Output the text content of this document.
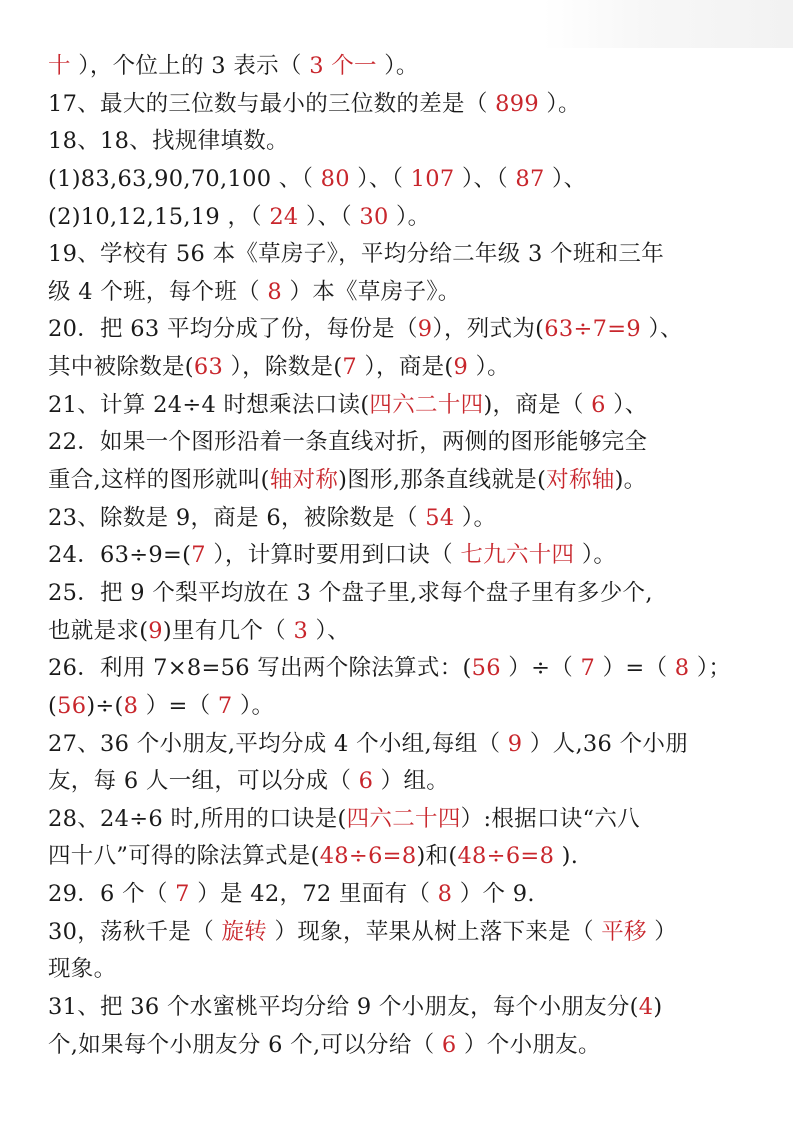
十 ），个位上的 3 表示（ 3 个一 ）。
17、最大的三位数与最小的三位数的差是（ 899 ）。
18、18、找规律填数。
(1)83,63,90,70,100 、（ 80 ）、（ 107 ）、（ 87 ）、
(2)10,12,15,19 ，（ 24 ）、（ 30 ）。
19、学校有 56 本《草房子》，平均分给二年级 3 个班和三年
级 4 个班，每个班（ 8 ）本《草房子》。
20．把 63 平均分成了份，每份是（9），列式为(63÷7=9 ）、
其中被除数是(63 ），除数是(7 ），商是(9 ）。
21、计算 24÷4 时想乘法口读(四六二十四)，商是（ 6 ）、
22．如果一个图形沿着一条直线对折，两侧的图形能够完全
重合,这样的图形就叫(轴对称)图形,那条直线就是(对称轴)。
23、除数是 9，商是 6，被除数是（ 54 ）。
24．63÷9=(7 ），计算时要用到口诀（ 七九六十四 ）。
25．把 9 个梨平均放在 3 个盘子里,求每个盘子里有多少个,
也就是求(9)里有几个（ 3 ）、
26．利用 7×8=56 写出两个除法算式：(56 ）÷（ 7 ）=（ 8 ）；
(56)÷(8 ）=（ 7 ）。
27、36 个小朋友,平均分成 4 个小组,每组（ 9 ）人,36 个小朋
友，每 6 人一组，可以分成（ 6 ）组。
28、24÷6 时,所用的口诀是(四六二十四）:根据口诀“六八
四十八”可得的除法算式是(48÷6=8)和(48÷6=8 ).
29．6 个（ 7 ）是 42，72 里面有（ 8 ）个 9.
30，荡秋千是（ 旋转 ）现象，苹果从树上落下来是（ 平移 ）
现象。
31、把 36 个水蜜桃平均分给 9 个小朋友，每个小朋友分(4)
个,如果每个小朋友分 6 个,可以分给（ 6 ）个小朋友。
